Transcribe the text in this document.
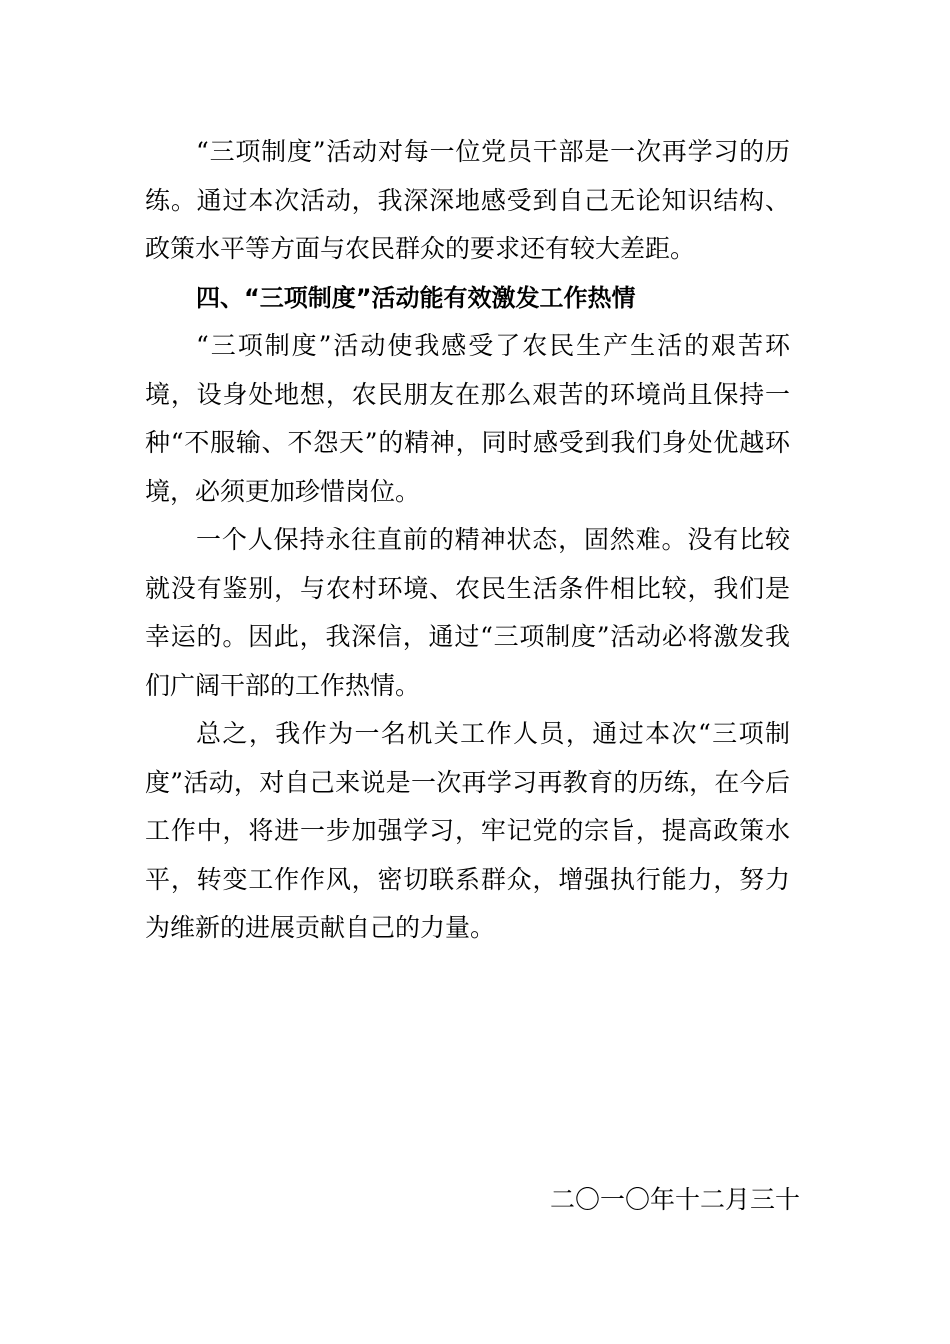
“三项制度”活动对每一位党员干部是一次再学习的历练。通过本次活动，我深深地感受到自己无论知识结构、政策水平等方面与农民群众的要求还有较大差距。

四、“三项制度”活动能有效激发工作热情

“三项制度”活动使我感受了农民生产生活的艰苦环境，设身处地想，农民朋友在那么艰苦的环境尚且保持一种“不服输、不怨天”的精神，同时感受到我们身处优越环境，必须更加珍惜岗位。

一个人保持永往直前的精神状态，固然难。没有比较就没有鉴别，与农村环境、农民生活条件相比较，我们是幸运的。因此，我深信，通过“三项制度”活动必将激发我们广阔干部的工作热情。

总之，我作为一名机关工作人员，通过本次“三项制度”活动，对自己来说是一次再学习再教育的历练，在今后工作中，将进一步加强学习，牢记党的宗旨，提高政策水平，转变工作作风，密切联系群众，增强执行能力，努力为维新的进展贡献自己的力量。

二〇一〇年十二月三十
